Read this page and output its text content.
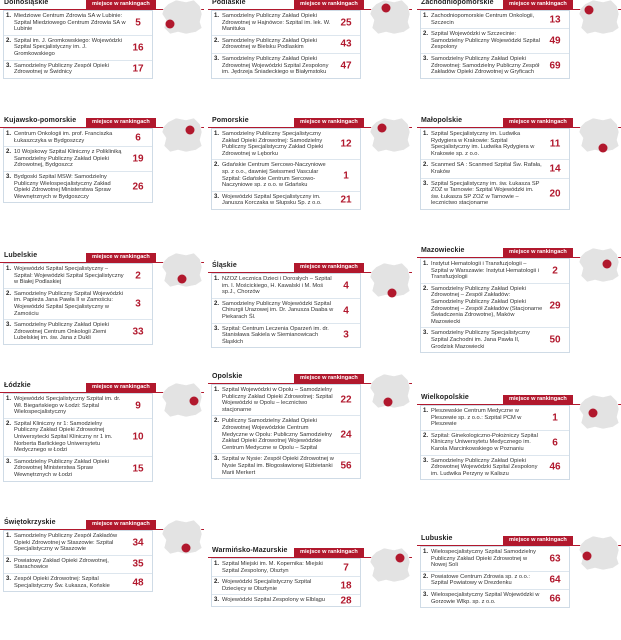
Dolnośląskie	miejsce w rankingach
1. Miedziowe Centrum Zdrowia SA w Lubinie: Szpital Miedziowego Centrum Zdrowia SA w Lubinie
5
2. Szpital im. J. Gromkowskiego: Wojewódzki Szpital Specjalistyczny im. J. Gromkowskiego
16
3. Samodzielny Publiczny Zespół Opieki Zdrowotnej w Świdnicy	17
Kujawsko-pomorskie	miejsce w rankingach
1. Centrum Onkologii im. prof. Franciszka Łukaszczyka w Bydgoszczy	6
2. 10 Wojskowy Szpital Kliniczny z Polikliniką Samodzielny Publiczny Zakład Opieki Zdrowotnej, Bydgoszcz
19
3. Bydgoski Szpital MSW: Samodzielny Publiczny Wielospecjalistyczny Zakład Opieki Zdrowotnej Ministerstwa Spraw Wewnętrznych w Bydgoszczy
26
Lubelskie	miejsce w rankingach
1. Wojewódzki Szpital Specjalistyczny – Szpital: Wojewódzki Szpital Specjalistyczny w Białej Podlaskiej
2
2. Samodzielny Publiczny Szpital Wojewódzki im. Papieża Jana Pawła II w Zamościu: Wojewódzki Szpital Specjalistyczny w Zamościu
3
3. Samodzielny Publiczny Zakład Opieki Zdrowotnej Centrum Onkologii Ziemi Lubelskiej im. św. Jana z Dukli
33
Łódzkie	miejsce w rankingach
1. Wojewódzki Specjalistyczny Szpital im. dr. Wł. Biegańskiego w Łodzi: Szpital Wielospecjalistyczny
9
2. Szpital Kliniczny nr 1: Samodzielny Publiczny Zakład Opieki Zdrowotnej Uniwersytecki Szpital Kliniczny nr 1 im. Norberta Barlickiego Uniwersytetu Medycznego w Łodzi
10
3. Samodzielny Publiczny Zakład Opieki Zdrowotnej Ministerstwa Spraw Wewnętrznych w Łodzi
15
Świętokrzyskie	miejsce w rankingach
1. Samodzielny Publiczny Zespół Zakładów Opieki Zdrowotnej w Staszowie: Szpital Specjalistyczny w Staszowie
34
2. Powiatowy Zakład Opieki Zdrowotnej, Starachowice	35
3. Zespół Opieki Zdrowotnej: Szpital Specjalistyczny Św. Łukasza, Końskie	48
Podlaskie	miejsce w rankingach
1. Samodzielny Publiczny Zakład Opieki Zdrowotnej w Hajnówce: Szpital im. lek. W. Manituka
25
2. Samodzielny Publiczny Zakład Opieki Zdrowotnej w Bielsku Podlaskim	43
3. Samodzielny Publiczny Zakład Opieki Zdrowotnej Wojewódzki Szpital Zespolony im. Jędrzeja Śniadeckiego w Białymstoku
47
Pomorskie	miejsce w rankingach
1. Samodzielny Publiczny Specjalistyczny Zakład Opieki Zdrowotnej: Samodzielny Publiczny Specjalistyczny Zakład Opieki Zdrowotnej w Lęborku
12
2. Gdańskie Centrum Sercowo-Naczyniowe sp. z o.o., dawniej Swissmed Vascular Szpital: Gdańskie Centrum Sercowo-Naczyniowe sp. z o.o. w Gdańsku
1
3. Wojewódzki Szpital Specjalistyczny im. Janusza Korczaka w Słupsku Sp. z o.o.	21
Śląskie	miejsce w rankingach
1. NZOZ Lecznica Dzieci i Dorosłych – Szpital im. I. Mościckiego, H. Kawalski i M. Moś sp.J., Chorzów
4
2. Samodzielny Publiczny Wojewódzki Szpital Chirurgii Urazowej im. Dr. Janusza Daaba w Piekarach Śl.
4
3. Szpital: Centrum Leczenia Oparzeń im. dr. Stanisława Sakiela w Siemianowicach Śląskich
3
Opolskie	miejsce w rankingach
1. Szpital Wojewódzki w Opolu – Samodzielny Publiczny Zakład Opieki Zdrowotnej: Szpital Wojewódzki w Opolu – lecznictwo stacjonarne
22
2. Publiczny Samodzielny Zakład Opieki Zdrowotnej Wojewódzkie Centrum Medyczne w Opolu: Publiczny Samodzielny Zakład Opieki Zdrowotnej Wojewódzkie Centrum Medyczne w Opolu – Szpital
24
3. Szpital w Nysie: Zespół Opieki Zdrowotnej w Nysie Szpital im. Błogosławionej Elżbietanki Marii Merkert
56
Warmińsko-Mazurskie	miejsce w rankingach
1. Szpital Miejski im. M. Kopernika: Miejski Szpital Zespolony, Olsztyn	7
2. Wojewódzki Specjalistyczny Szpital Dziecięcy w Olsztynie	18
3. Wojewódzki Szpital Zespolony w Elblągu	28
Zachodniopomorskie	miejsce w rankingach
1. Zachodniopomorskie Centrum Onkologii, Szczecin	13
2. Szpital Wojewódzki w Szczecinie: Samodzielny Publiczny Wojewódzki Szpital Zespolony
49
3. Samodzielny Publiczny Zakład Opieki Zdrowotnej: Samodzielny Publiczny Zespół Zakładów Opieki Zdrowotnej w Gryficach
69
Małopolskie	miejsce w rankingach
1. Szpital Specjalistyczny im. Ludwika Rydygiera w Krakowie: Szpital Specjalistyczny im. Ludwika Rydygiera w Krakowie sp. z o.o.
11
2. Scanmed SA : Scanmed Szpital Św. Rafała, Kraków	14
3. Szpital Specjalistyczny im. św. Łukasza SP ZOZ w Tarnowie: Szpital Wojewódzki im. św. Łukasza SP ZOZ w Tarnowie – lecznictwo stacjonarne
20
Mazowieckie	miejsce w rankingach
1. Instytut Hematologii i Transfuzjologii – Szpital w Warszawie: Instytut Hematologii i Transfuzjologii
2
2. Samodzielny Publiczny Zakład Opieki Zdrowotnej – Zespół Zakładów: Samodzielny Publiczny Zakład Opieki Zdrowotnej – Zespół Zakładów (Stacjonarne Świadczenia Zdrowotne), Maków Mazowiecki
29
3. Samodzielny Publiczny Specjalistyczny Szpital Zachodni im. Jana Pawła II, Grodzisk Mazowiecki
50
Wielkopolskie	miejsce w rankingach
1. Pleszewskie Centrum Medyczne w Pleszewie sp. z o.o.: Szpital PCM w Pleszewie
1
2. Szpital: Ginekologiczno-Położniczy Szpital Kliniczny Uniwersytetu Medycznego im. Karola Marcinkowskiego w Poznaniu
6
3. Samodzielny Publiczny Zakład Opieki Zdrowotnej Wojewódzki Szpital Zespolony im. Ludwika Perzyny w Kaliszu
46
Lubuskie	miejsce w rankingach
1. Wielospecjalistyczny Szpital Samodzielny Publiczny Zakład Opieki Zdrowotnej w Nowej Soli
63
2. Powiatowe Centrum Zdrowia sp. z o.o.: Szpital Powiatowy w Drezdenku	64
3. Wielospecjalistyczny Szpital Wojewódzki w Gorzowie Wlkp. sp. z o.o.	66
